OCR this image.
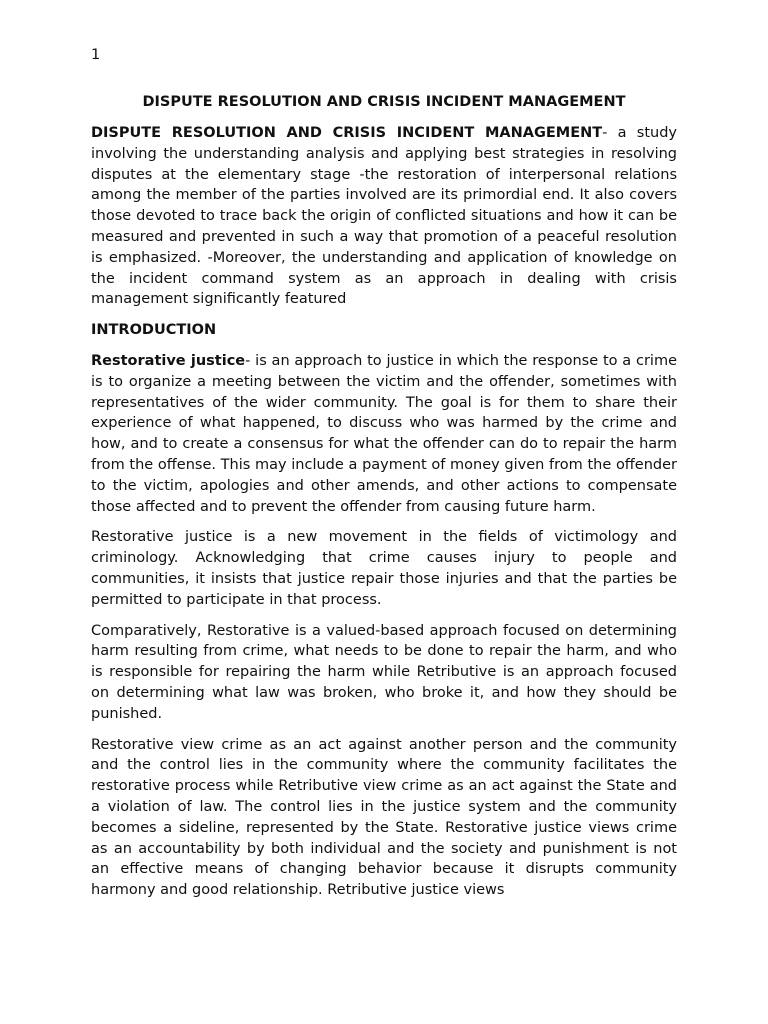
1
DISPUTE RESOLUTION AND CRISIS INCIDENT MANAGEMENT

DISPUTE RESOLUTION AND CRISIS INCIDENT MANAGEMENT- a study involving the understanding analysis and applying best strategies in resolving disputes at the elementary stage -the restoration of interpersonal relations among the member of the parties involved are its primordial end. It also covers those devoted to trace back the origin of conflicted situations and how it can be measured and prevented in such a way that promotion of a peaceful resolution is emphasized. -Moreover, the understanding and application of knowledge on the incident command system as an approach in dealing with crisis management significantly featured

INTRODUCTION

Restorative justice- is an approach to justice in which the response to a crime is to organize a meeting between the victim and the offender, sometimes with representatives of the wider community. The goal is for them to share their experience of what happened, to discuss who was harmed by the crime and how, and to create a consensus for what the offender can do to repair the harm from the offense. This may include a payment of money given from the offender to the victim, apologies and other amends, and other actions to compensate those affected and to prevent the offender from causing future harm.

Restorative justice is a new movement in the fields of victimology and criminology. Acknowledging that crime causes injury to people and communities, it insists that justice repair those injuries and that the parties be permitted to participate in that process.

Comparatively, Restorative is a valued-based approach focused on determining harm resulting from crime, what needs to be done to repair the harm, and who is responsible for repairing the harm while Retributive is an approach focused on determining what law was broken, who broke it, and how they should be punished.

Restorative view crime as an act against another person and the community and the control lies in the community where the community facilitates the restorative process while Retributive view crime as an act against the State and a violation of law. The control lies in the justice system and the community becomes a sideline, represented by the State. Restorative justice views crime as an accountability by both individual and the society and punishment is not an effective means of changing behavior because it disrupts community harmony and good relationship. Retributive justice views
